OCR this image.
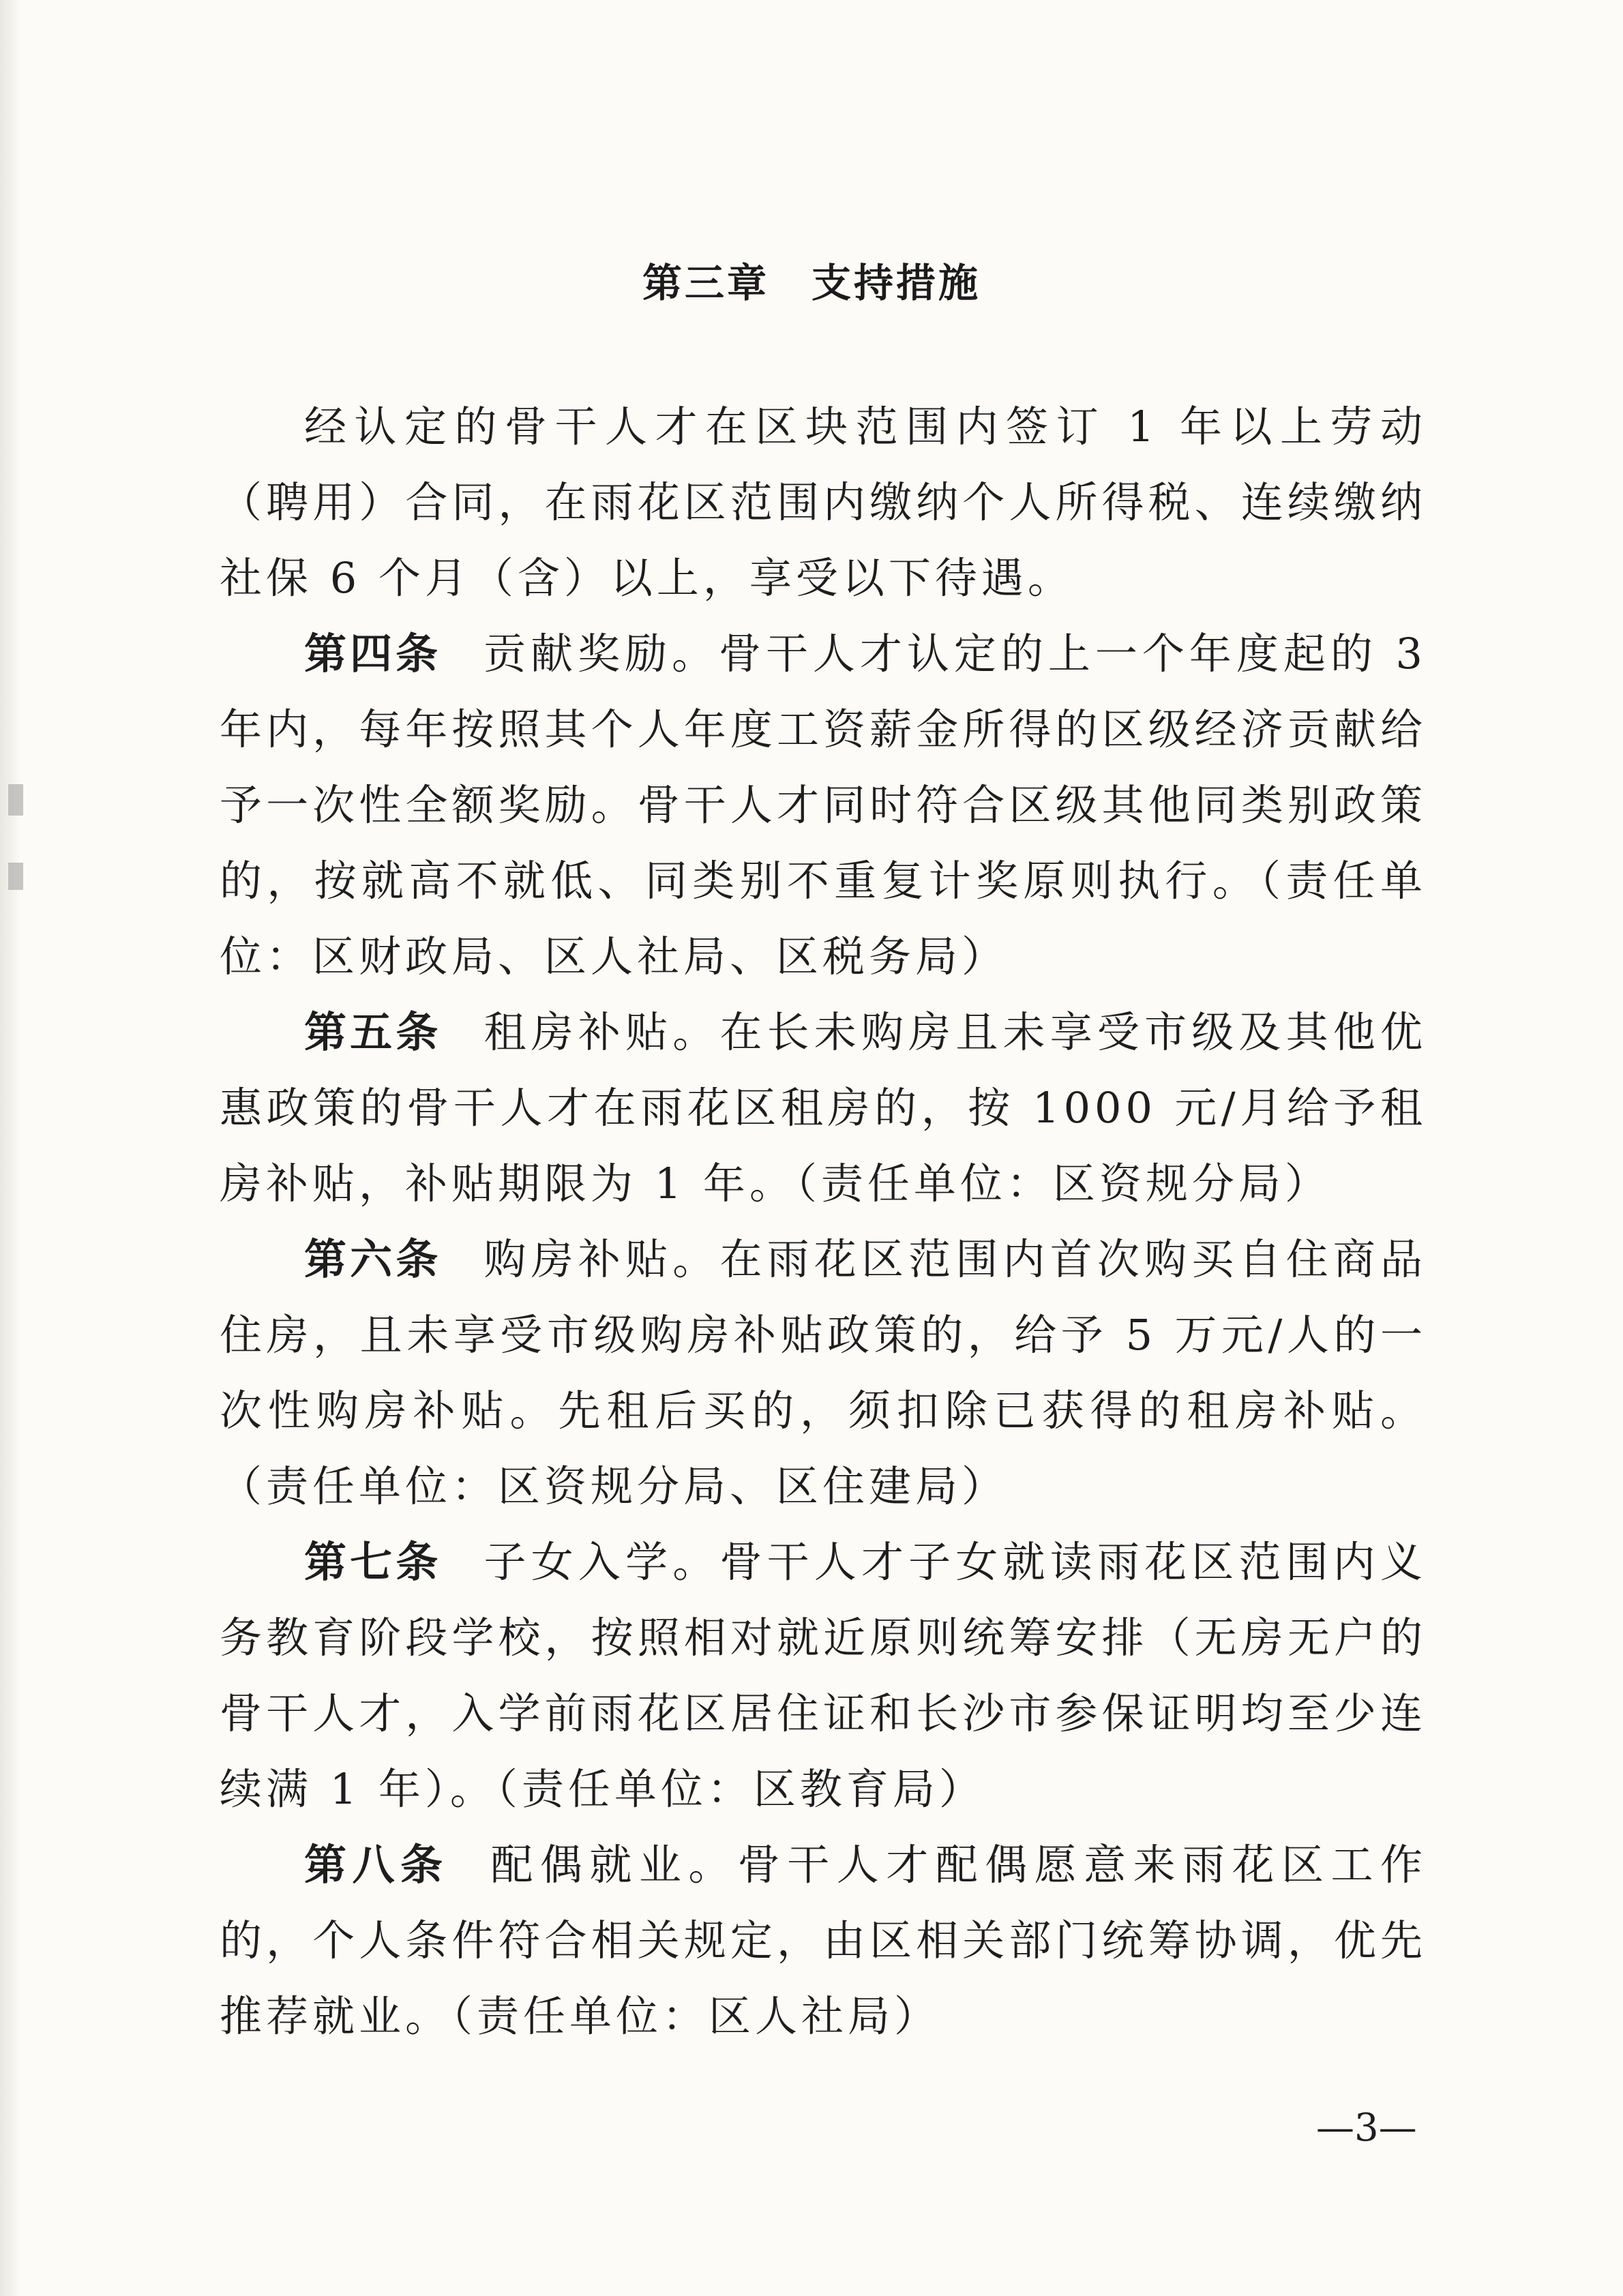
第三章　支持措施

经认定的骨干人才在区块范围内签订 1 年以上劳动（聘用）合同，在雨花区范围内缴纳个人所得税、连续缴纳社保 6 个月（含）以上，享受以下待遇。

第四条 贡献奖励。骨干人才认定的上一个年度起的 3 年内，每年按照其个人年度工资薪金所得的区级经济贡献给予一次性全额奖励。骨干人才同时符合区级其他同类别政策的，按就高不就低、同类别不重复计奖原则执行。（责任单位：区财政局、区人社局、区税务局）

第五条 租房补贴。在长未购房且未享受市级及其他优惠政策的骨干人才在雨花区租房的，按 1000 元/月给予租房补贴，补贴期限为 1 年。（责任单位：区资规分局）

第六条 购房补贴。在雨花区范围内首次购买自住商品住房，且未享受市级购房补贴政策的，给予 5 万元/人的一次性购房补贴。先租后买的，须扣除已获得的租房补贴。（责任单位：区资规分局、区住建局）

第七条 子女入学。骨干人才子女就读雨花区范围内义务教育阶段学校，按照相对就近原则统筹安排（无房无户的骨干人才，入学前雨花区居住证和长沙市参保证明均至少连续满 1 年）。（责任单位：区教育局）

第八条 配偶就业。骨干人才配偶愿意来雨花区工作的，个人条件符合相关规定，由区相关部门统筹协调，优先推荐就业。（责任单位：区人社局）

—3—
